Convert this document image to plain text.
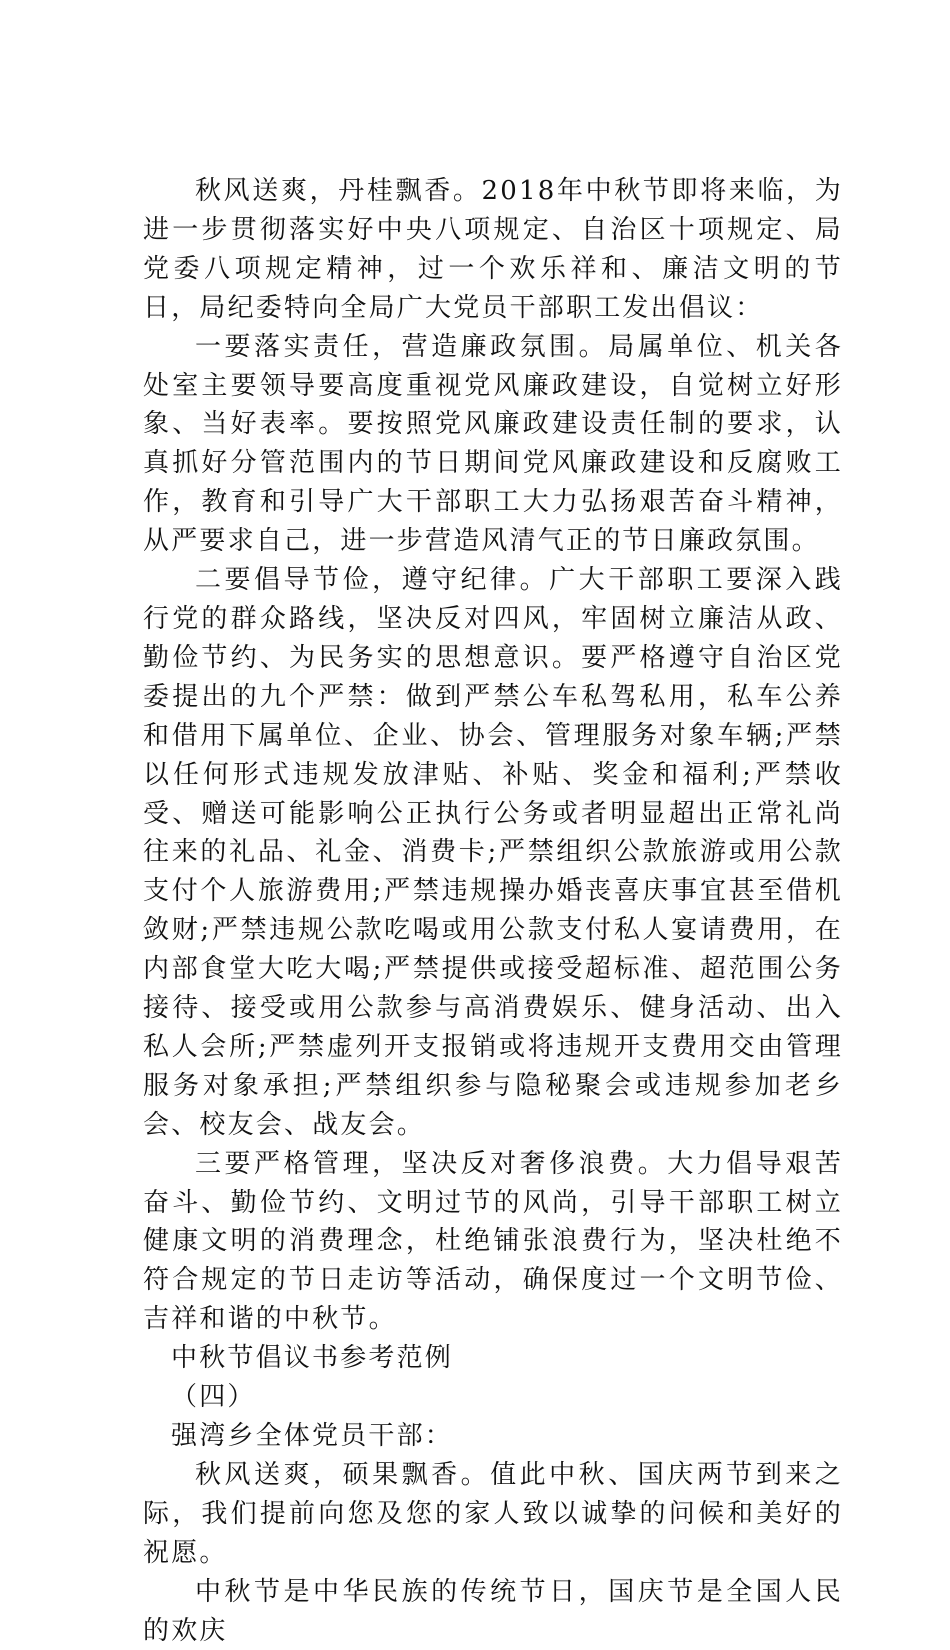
秋风送爽，丹桂飘香。2018年中秋节即将来临，为进一步贯彻落实好中央八项规定、自治区十项规定、局党委八项规定精神，过一个欢乐祥和、廉洁文明的节日，局纪委特向全局广大党员干部职工发出倡议：

一要落实责任，营造廉政氛围。局属单位、机关各处室主要领导要高度重视党风廉政建设，自觉树立好形象、当好表率。要按照党风廉政建设责任制的要求，认真抓好分管范围内的节日期间党风廉政建设和反腐败工作，教育和引导广大干部职工大力弘扬艰苦奋斗精神，从严要求自己，进一步营造风清气正的节日廉政氛围。

二要倡导节俭，遵守纪律。广大干部职工要深入践行党的群众路线，坚决反对四风，牢固树立廉洁从政、勤俭节约、为民务实的思想意识。要严格遵守自治区党委提出的九个严禁：做到严禁公车私驾私用，私车公养和借用下属单位、企业、协会、管理服务对象车辆;严禁以任何形式违规发放津贴、补贴、奖金和福利;严禁收受、赠送可能影响公正执行公务或者明显超出正常礼尚往来的礼品、礼金、消费卡;严禁组织公款旅游或用公款支付个人旅游费用;严禁违规操办婚丧喜庆事宜甚至借机敛财;严禁违规公款吃喝或用公款支付私人宴请费用，在内部食堂大吃大喝;严禁提供或接受超标准、超范围公务接待、接受或用公款参与高消费娱乐、健身活动、出入私人会所;严禁虚列开支报销或将违规开支费用交由管理服务对象承担;严禁组织参与隐秘聚会或违规参加老乡会、校友会、战友会。

三要严格管理，坚决反对奢侈浪费。大力倡导艰苦奋斗、勤俭节约、文明过节的风尚，引导干部职工树立健康文明的消费理念，杜绝铺张浪费行为，坚决杜绝不符合规定的节日走访等活动，确保度过一个文明节俭、吉祥和谐的中秋节。

中秋节倡议书参考范例

（四）

强湾乡全体党员干部：

秋风送爽，硕果飘香。值此中秋、国庆两节到来之际，我们提前向您及您的家人致以诚挚的问候和美好的祝愿。

中秋节是中华民族的传统节日，国庆节是全国人民的欢庆
